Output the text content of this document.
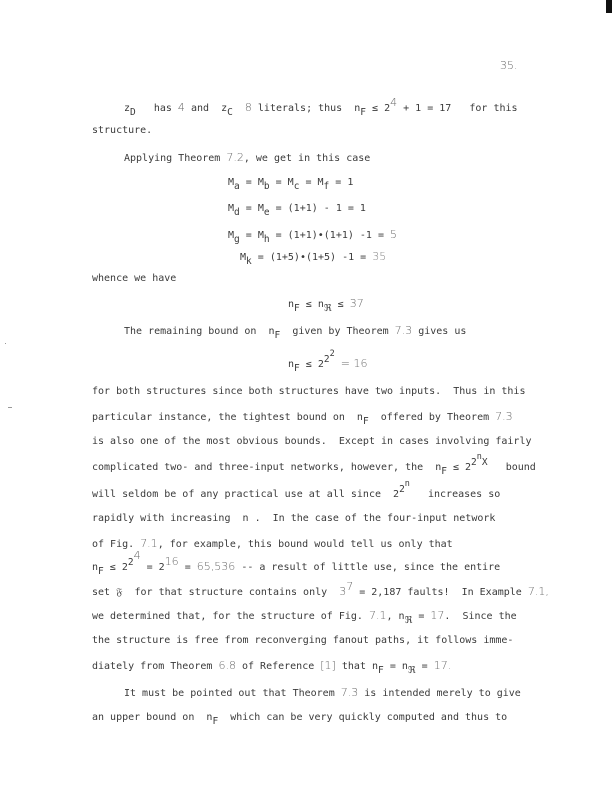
35.
zD has 4 and zC 8 literals; thus nF ≤ 24 + 1 = 17 for this
structure.
Applying Theorem 7.2, we get in this case
Ma = Mb = Mc = Mf = 1
Md = Me = (1+1) - 1 = 1
Mg = Mh = (1+1)•(1+1) -1 = 5
Mk = (1+5)•(1+5) -1 = 35
whence we have
nF ≤ nℜ ≤ 37
The remaining bound on nF given by Theorem 7.3 gives us
nF ≤ $22^2 = 16$
for both structures since both structures have two inputs.  Thus in this
particular instance, the tightest bound on nF offered by Theorem 7.3
is also one of the most obvious bounds.  Except in cases involving fairly
complicated two- and three-input networks, however, the nF ≤ $22^nX$ bound
will seldom be of any practical use at all since 22$^n$   increases so
rapidly with increasing n .  In the case of the four-input network
of Fig. 7.1, for example, this bound would tell us only that
nF ≤ 224 = 216 = 65,536 -- a result of little use, since the entire
set 𝔉 for that structure contains only 37 = 2,187 faults!  In Example 7.1,
we determined that, for the structure of Fig. 7.1, nℜ = 17.  Since the
the structure is free from reconverging fanout paths, it follows imme-
diately from Theorem 6.8 of Reference [1] that nF = nℜ = 17.
It must be pointed out that Theorem 7.3 is intended merely to give
an upper bound on nF which can be very quickly computed and thus to
